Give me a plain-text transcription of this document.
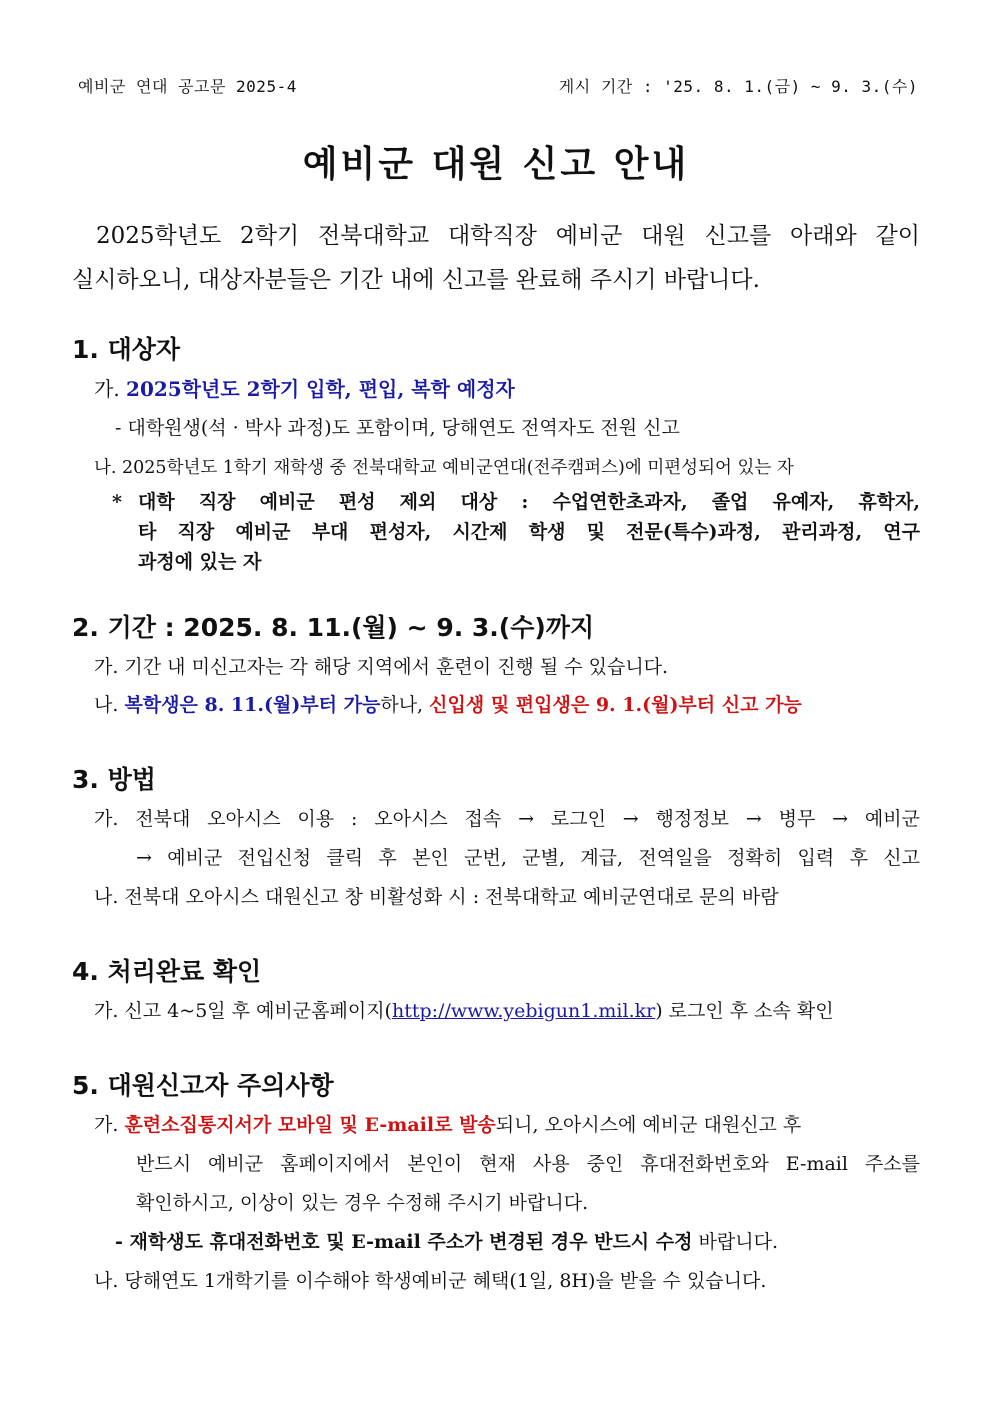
예비군 연대 공고문 2025-4	게시 기간 : '25. 8. 1.(금) ~ 9. 3.(수)
예비군 대원 신고 안내
2025학년도 2학기 전북대학교 대학직장 예비군 대원 신고를 아래와 같이
실시하오니, 대상자분들은 기간 내에 신고를 완료해 주시기 바랍니다.
1. 대상자
가. 2025학년도 2학기 입학, 편입, 복학 예정자
- 대학원생(석 · 박사 과정)도 포함이며, 당해연도 전역자도 전원 신고
나. 2025학년도 1학기 재학생 중 전북대학교 예비군연대(전주캠퍼스)에 미편성되어 있는 자
* 대학 직장 예비군 편성 제외 대상 : 수업연한초과자, 졸업 유예자, 휴학자,
타 직장 예비군 부대 편성자, 시간제 학생 및 전문(특수)과정, 관리과정, 연구
과정에 있는 자
2. 기간 : 2025. 8. 11.(월) ~ 9. 3.(수)까지
가. 기간 내 미신고자는 각 해당 지역에서 훈련이 진행 될 수 있습니다.
나. 복학생은 8. 11.(월)부터 가능하나, 신입생 및 편입생은 9. 1.(월)부터 신고 가능
3. 방법
가. 전북대 오아시스 이용 : 오아시스 접속 → 로그인 → 행정정보 → 병무 → 예비군
→ 예비군 전입신청 클릭 후 본인 군번, 군별, 계급, 전역일을 정확히 입력 후 신고
나. 전북대 오아시스 대원신고 창 비활성화 시 : 전북대학교 예비군연대로 문의 바람
4. 처리완료 확인
가. 신고 4~5일 후 예비군홈페이지(http://www.yebigun1.mil.kr) 로그인 후 소속 확인
5. 대원신고자 주의사항
가. 훈련소집통지서가 모바일 및 E-mail로 발송되니, 오아시스에 예비군 대원신고 후
반드시 예비군 홈페이지에서 본인이 현재 사용 중인 휴대전화번호와 E-mail 주소를
확인하시고, 이상이 있는 경우 수정해 주시기 바랍니다.
- 재학생도 휴대전화번호 및 E-mail 주소가 변경된 경우 반드시 수정 바랍니다.
나. 당해연도 1개학기를 이수해야 학생예비군 혜택(1일, 8H)을 받을 수 있습니다.
